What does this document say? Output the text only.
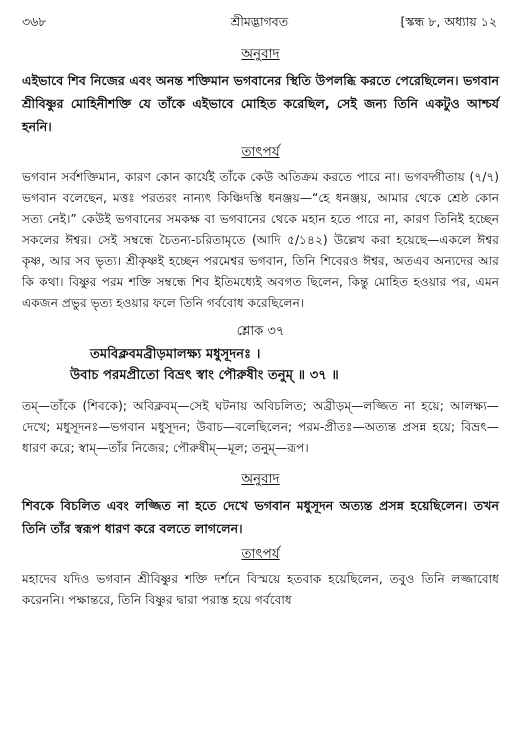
৩৬৮	শ্রীমদ্ভাগবত	[স্কন্ধ ৮, অধ্যায় ১২
অনুবাদ

এইভাবে শিব নিজের এবং অনন্ত শক্তিমান ভগবানের স্থিতি উপলব্ধি করতে পেরেছিলেন। ভগবান শ্রীবিষ্ণুর মোহিনীশক্তি যে তাঁকে এইভাবে মোহিত করেছিল, সেই জন্য তিনি একটুও আশ্চর্য হননি।

তাৎপর্য

ভগবান সর্বশক্তিমান, কারণ কোন কার্যেই তাঁকে কেউ অতিক্রম করতে পারে না। ভগবদ্গীতায় (৭/৭) ভগবান বলেছেন, মত্তঃ পরতরং নান্যৎ কিঞ্চিদস্তি ধনঞ্জয়—“হে ধনঞ্জয়, আমার থেকে শ্রেষ্ঠ কোন সত্য নেই।” কেউই ভগবানের সমকক্ষ বা ভগবানের থেকে মহান হতে পারে না, কারণ তিনিই হচ্ছেন সকলের ঈশ্বর। সেই সম্বন্ধে চৈতন্য-চরিতামৃতে (আদি ৫/১৪২) উল্লেখ করা হয়েছে—একলে ঈশ্বর কৃষ্ণ, আর সব ভৃত্য। শ্রীকৃষ্ণই হচ্ছেন পরমেশ্বর ভগবান, তিনি শিবেরও ঈশ্বর, অতএব অন্যদের আর কি কথা। বিষ্ণুর পরম শক্তি সম্বন্ধে শিব ইতিমধ্যেই অবগত ছিলেন, কিন্তু মোহিত হওয়ার পর, এমন একজন প্রভুর ভৃত্য হওয়ার ফলে তিনি গর্ববোধ করেছিলেন।

শ্লোক ৩৭
তমবিক্লবমব্রীড়মালক্ষ্য মধুসূদনঃ ।
উবাচ পরমপ্রীতো বিভ্রৎ স্বাং পৌরুষীং তনুম্ ॥ ৩৭ ॥

তম্—তাঁকে (শিবকে); অবিক্লবম্—সেই ঘটনায় অবিচলিত; অব্রীড়ম্—লজ্জিত না হয়ে; আলক্ষ্য—দেখে; মধুসূদনঃ—ভগবান মধুসূদন; উবাচ—বলেছিলেন; পরম-প্রীতঃ—অত্যন্ত প্রসন্ন হয়ে; বিভ্রৎ—ধারণ করে; স্বাম্—তাঁর নিজের; পৌরুষীম্—মূল; তনুম্—রূপ।

অনুবাদ

শিবকে বিচলিত এবং লজ্জিত না হতে দেখে ভগবান মধুসূদন অত্যন্ত প্রসন্ন হয়েছিলেন। তখন তিনি তাঁর স্বরূপ ধারণ করে বলতে লাগলেন।

তাৎপর্য

মহাদেব যদিও ভগবান শ্রীবিষ্ণুর শক্তি দর্শনে বিস্ময়ে হতবাক হয়েছিলেন, তবুও তিনি লজ্জাবোধ করেননি। পক্ষান্তরে, তিনি বিষ্ণুর দ্বারা পরাস্ত হয়ে গর্ববোধ
